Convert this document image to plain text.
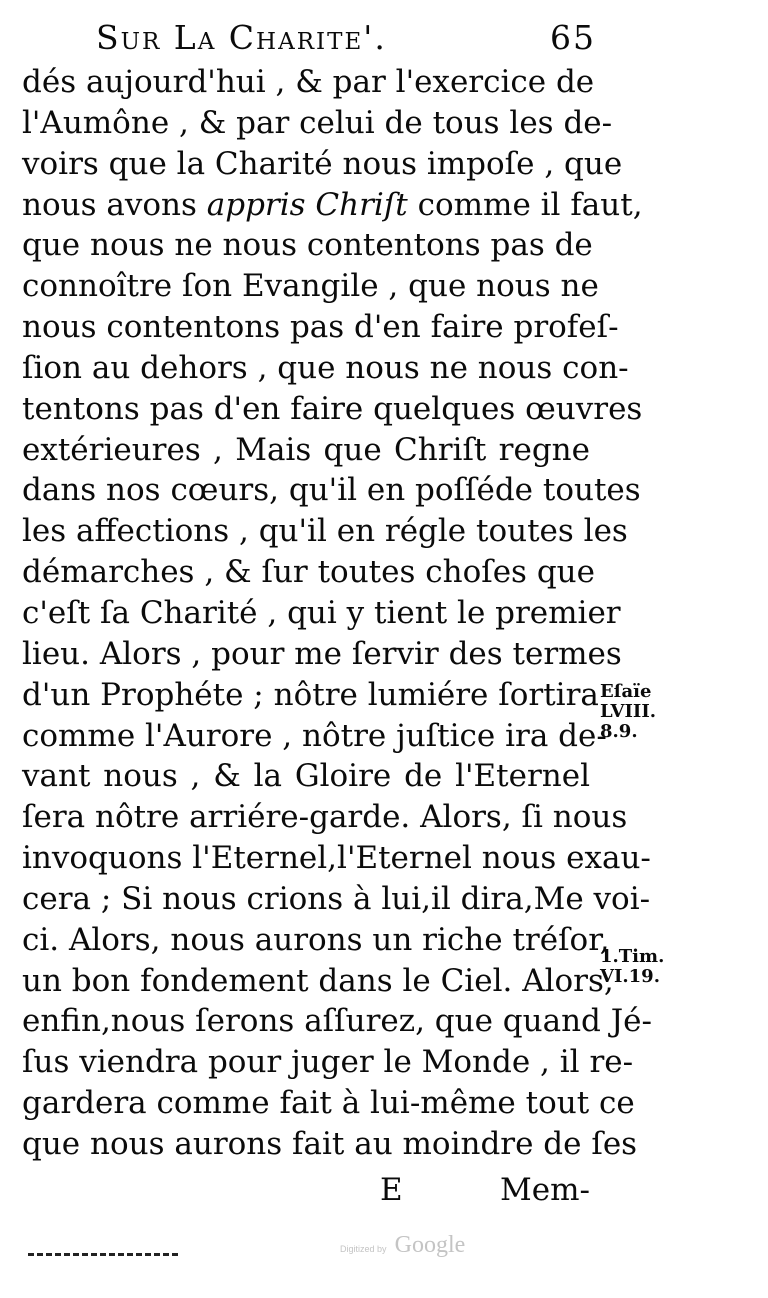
Sur La Charite'.	65
dés aujourd'hui , & par l'exercice de
l'Aumône , & par celui de tous les de-
voirs que la Charité nous impoſe , que
nous avons appris Chriſt comme il faut,
que nous ne nous contentons pas de
connoître ſon Evangile , que nous ne
nous contentons pas d'en faire profeſ-
ſion au dehors , que nous ne nous con-
tentons pas d'en faire quelques œuvres
extérieures , Mais que Chriſt regne
dans nos cœurs, qu'il en poſſéde toutes
les affections , qu'il en régle toutes les
démarches , & ſur toutes choſes que
c'eſt ſa Charité , qui y tient le premier
lieu. Alors , pour me ſervir des termes
d'un Prophéte ; nôtre lumiére ſortira
comme l'Aurore , nôtre juſtice ira de-
vant nous , & la Gloire de l'Eternel
ſera nôtre arriére-garde. Alors, ſi nous
invoquons l'Eternel,l'Eternel nous exau-
cera ; Si nous crions à lui,il dira,Me voi-
ci. Alors, nous aurons un riche tréſor,
un bon fondement dans le Ciel. Alors,
enfin,nous ſerons aſſurez, que quand Jé-
ſus viendra pour juger le Monde , il re-
gardera comme fait à lui-même tout ce
que nous aurons fait au moindre de ſes
Eſaïe
LVIII.
8.9.
1.Tim.
VI.19.
E	Mem-
Digitized by Google
